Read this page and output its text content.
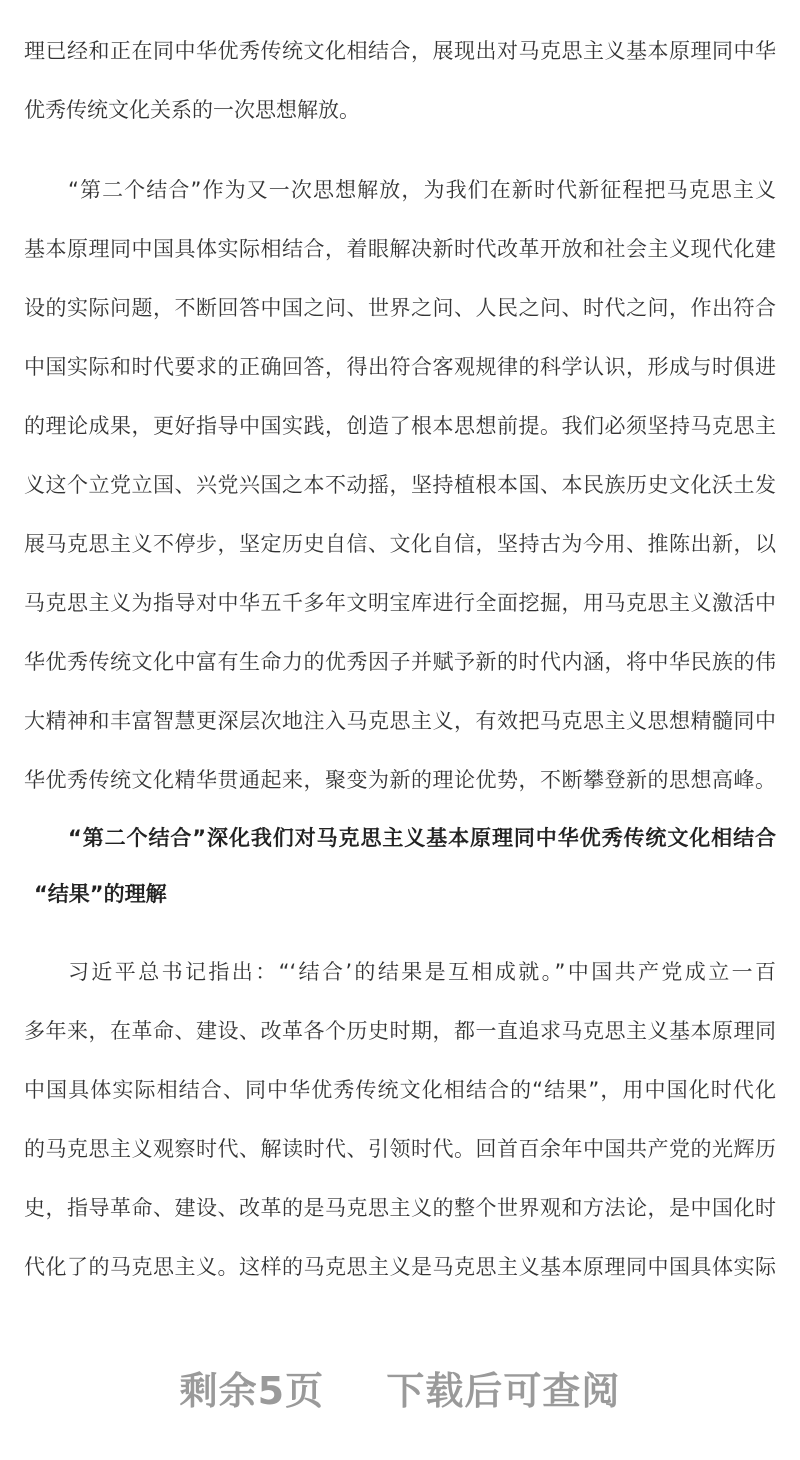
理已经和正在同中华优秀传统文化相结合，展现出对马克思主义基本原理同中华
优秀传统文化关系的一次思想解放。
“第二个结合”作为又一次思想解放，为我们在新时代新征程把马克思主义
基本原理同中国具体实际相结合，着眼解决新时代改革开放和社会主义现代化建
设的实际问题，不断回答中国之问、世界之问、人民之问、时代之问，作出符合
中国实际和时代要求的正确回答，得出符合客观规律的科学认识，形成与时俱进
的理论成果，更好指导中国实践，创造了根本思想前提。我们必须坚持马克思主
义这个立党立国、兴党兴国之本不动摇，坚持植根本国、本民族历史文化沃土发
展马克思主义不停步，坚定历史自信、文化自信，坚持古为今用、推陈出新，以
马克思主义为指导对中华五千多年文明宝库进行全面挖掘，用马克思主义激活中
华优秀传统文化中富有生命力的优秀因子并赋予新的时代内涵，将中华民族的伟
大精神和丰富智慧更深层次地注入马克思主义，有效把马克思主义思想精髓同中
华优秀传统文化精华贯通起来，聚变为新的理论优势，不断攀登新的思想高峰。
“第二个结合”深化我们对马克思主义基本原理同中华优秀传统文化相结合
“结果”的理解
习近平总书记指出：“‘结合’的结果是互相成就。”中国共产党成立一百
多年来，在革命、建设、改革各个历史时期，都一直追求马克思主义基本原理同
中国具体实际相结合、同中华优秀传统文化相结合的“结果”，用中国化时代化
的马克思主义观察时代、解读时代、引领时代。回首百余年中国共产党的光辉历
史，指导革命、建设、改革的是马克思主义的整个世界观和方法论，是中国化时
代化了的马克思主义。这样的马克思主义是马克思主义基本原理同中国具体实际
剩余5页 下载后可查阅
